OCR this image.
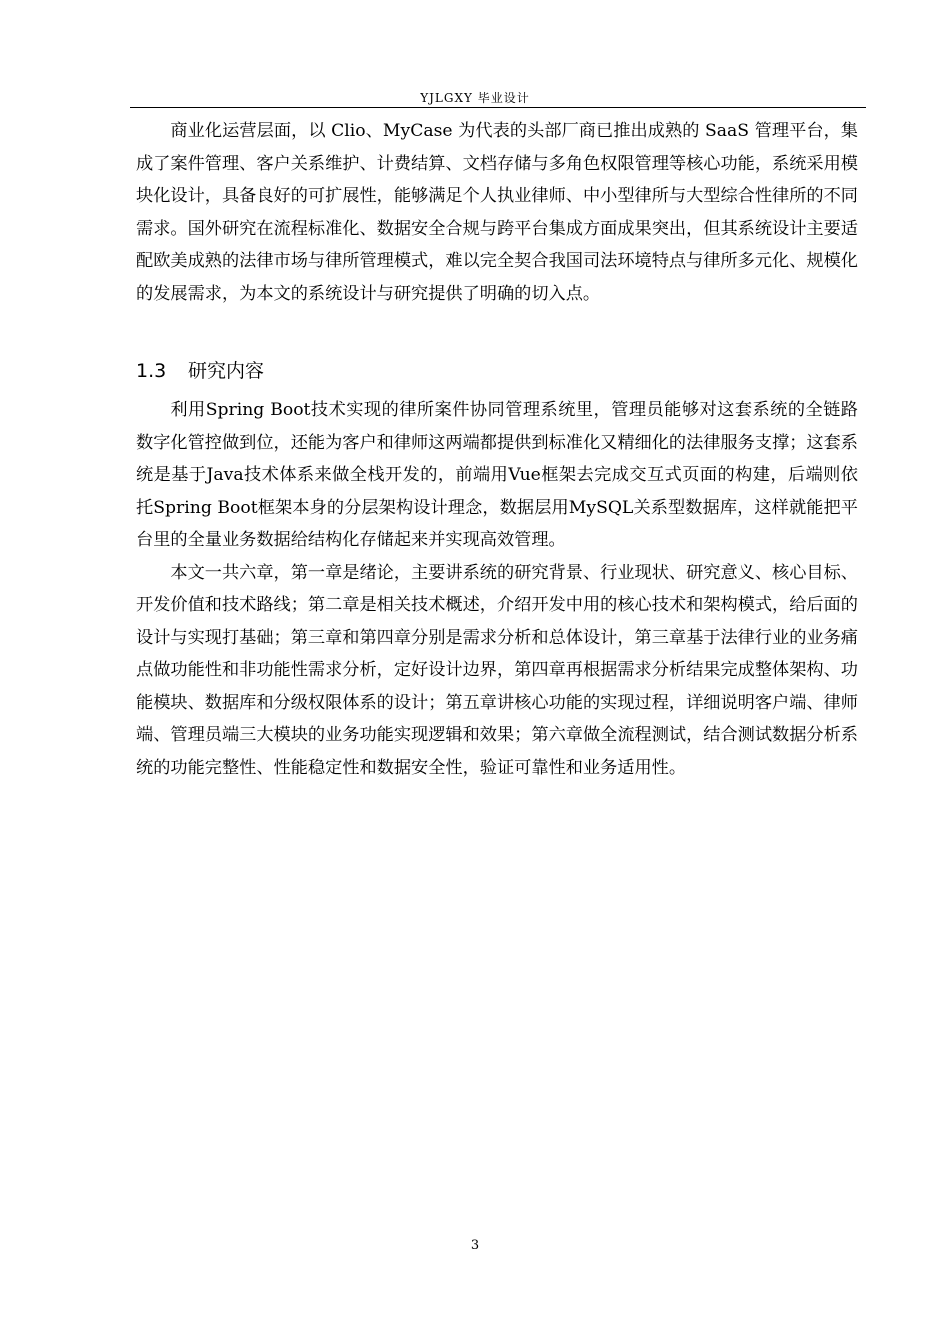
YJLGXY 毕业设计

商业化运营层面，以 Clio、MyCase 为代表的头部厂商已推出成熟的 SaaS 管理平台，集成了案件管理、客户关系维护、计费结算、文档存储与多角色权限管理等核心功能，系统采用模块化设计，具备良好的可扩展性，能够满足个人执业律师、中小型律所与大型综合性律所的不同需求。国外研究在流程标准化、数据安全合规与跨平台集成方面成果突出，但其系统设计主要适配欧美成熟的法律市场与律所管理模式，难以完全契合我国司法环境特点与律所多元化、规模化的发展需求，为本文的系统设计与研究提供了明确的切入点。

1.3 研究内容

利用Spring Boot技术实现的律所案件协同管理系统里，管理员能够对这套系统的全链路数字化管控做到位，还能为客户和律师这两端都提供到标准化又精细化的法律服务支撑；这套系统是基于Java技术体系来做全栈开发的，前端用Vue框架去完成交互式页面的构建，后端则依托Spring Boot框架本身的分层架构设计理念，数据层用MySQL关系型数据库，这样就能把平台里的全量业务数据给结构化存储起来并实现高效管理。

本文一共六章，第一章是绪论，主要讲系统的研究背景、行业现状、研究意义、核心目标、开发价值和技术路线；第二章是相关技术概述，介绍开发中用的核心技术和架构模式，给后面的设计与实现打基础；第三章和第四章分别是需求分析和总体设计，第三章基于法律行业的业务痛点做功能性和非功能性需求分析，定好设计边界，第四章再根据需求分析结果完成整体架构、功能模块、数据库和分级权限体系的设计；第五章讲核心功能的实现过程，详细说明客户端、律师端、管理员端三大模块的业务功能实现逻辑和效果；第六章做全流程测试，结合测试数据分析系统的功能完整性、性能稳定性和数据安全性，验证可靠性和业务适用性。

3
